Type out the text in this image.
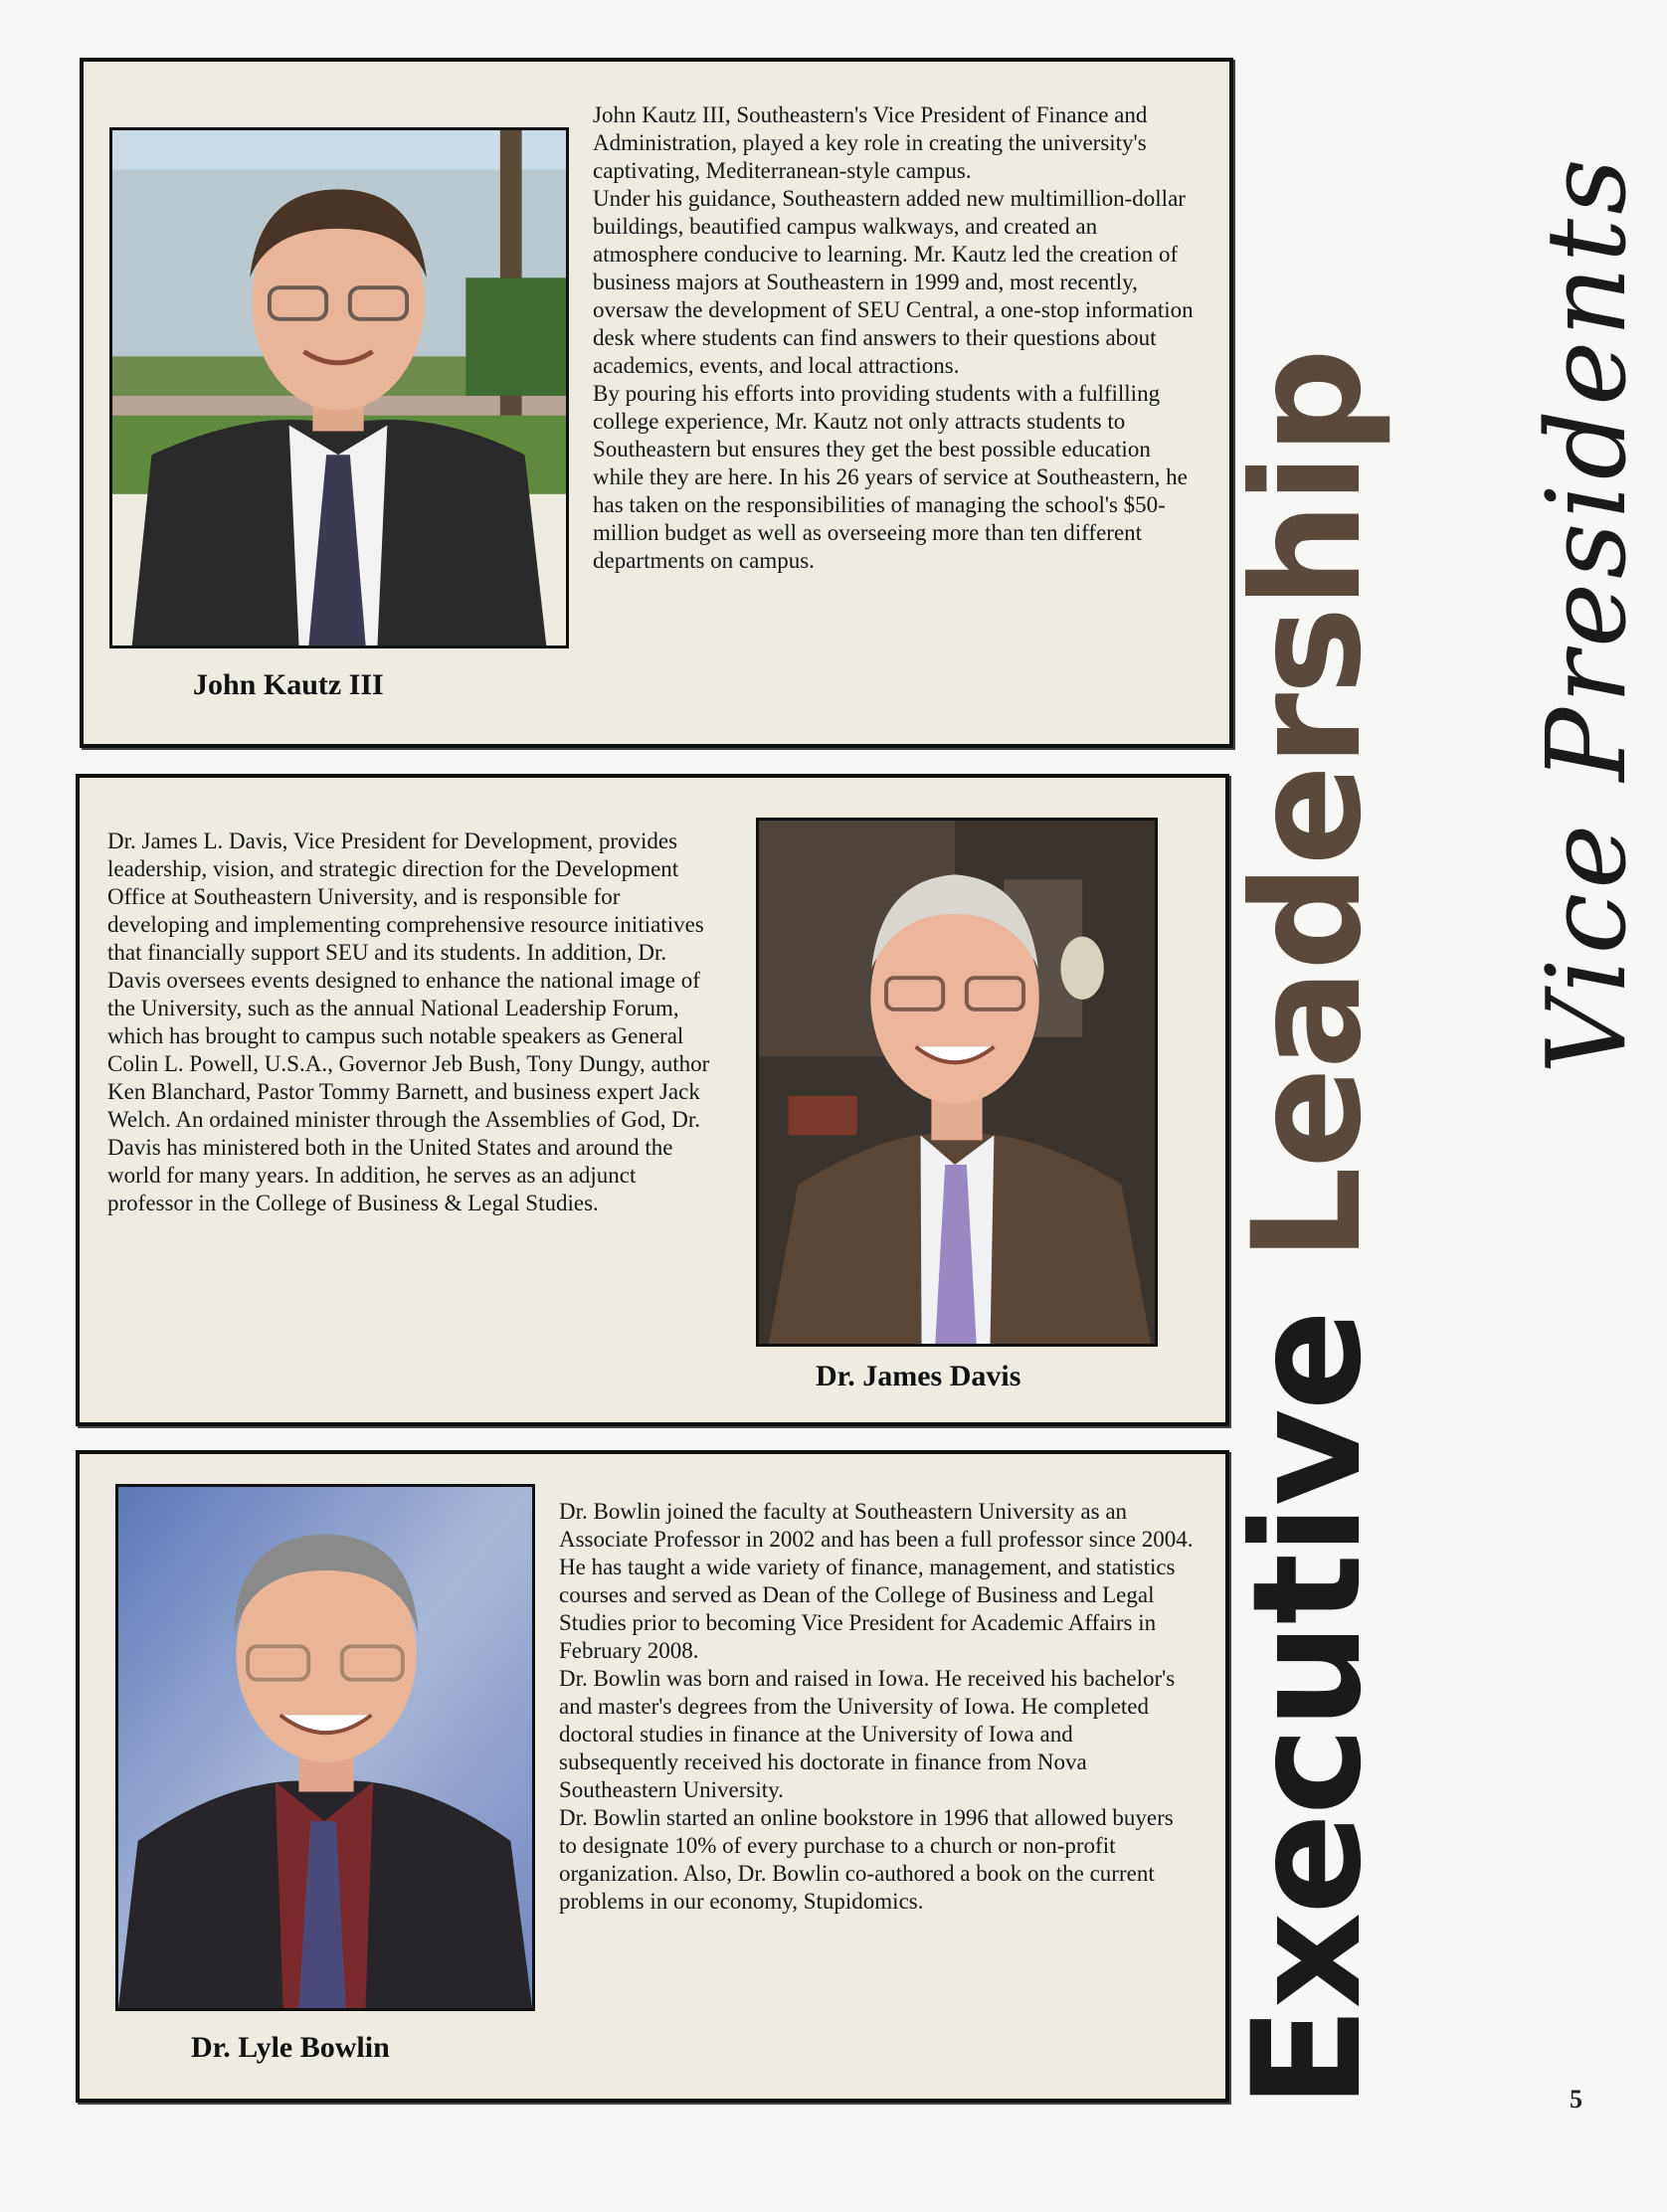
John Kautz III

John Kautz III, Southeastern's Vice President of Finance and Administration, played a key role in creating the university's captivating, Mediterranean-style campus.

Under his guidance, Southeastern added new multimillion-dollar buildings, beautified campus walkways, and created an atmosphere conducive to learning. Mr. Kautz led the creation of business majors at Southeastern in 1999 and, most recently, oversaw the development of SEU Central, a one-stop information desk where students can find answers to their questions about academics, events, and local attractions.

By pouring his efforts into providing students with a fulfilling college experience, Mr. Kautz not only attracts students to Southeastern but ensures they get the best possible education while they are here. In his 26 years of service at Southeastern, he has taken on the responsibilities of managing the school's $50-million budget as well as overseeing more than ten different departments on campus.

Dr. James L. Davis, Vice President for Development, provides leadership, vision, and strategic direction for the Development Office at Southeastern University, and is responsible for developing and implementing comprehensive resource initiatives that financially support SEU and its students. In addition, Dr. Davis oversees events designed to enhance the national image of the University, such as the annual National Leadership Forum, which has brought to campus such notable speakers as General Colin L. Powell, U.S.A., Governor Jeb Bush, Tony Dungy, author Ken Blanchard, Pastor Tommy Barnett, and business expert Jack Welch. An ordained minister through the Assemblies of God, Dr. Davis has ministered both in the United States and around the world for many years. In addition, he serves as an adjunct professor in the College of Business & Legal Studies.

Dr. James Davis
Dr. Lyle Bowlin

Dr. Bowlin joined the faculty at Southeastern University as an Associate Professor in 2002 and has been a full professor since 2004. He has taught a wide variety of finance, management, and statistics courses and served as Dean of the College of Business and Legal Studies prior to becoming Vice President for Academic Affairs in February 2008.

Dr. Bowlin was born and raised in Iowa. He received his bachelor's and master's degrees from the University of Iowa. He completed doctoral studies in finance at the University of Iowa and subsequently received his doctorate in finance from Nova Southeastern University.

Dr. Bowlin started an online bookstore in 1996 that allowed buyers to designate 10% of every purchase to a church or non-profit organization. Also, Dr. Bowlin co-authored a book on the current problems in our economy, Stupidomics.	Executive Leadership Vice Presidents
5
